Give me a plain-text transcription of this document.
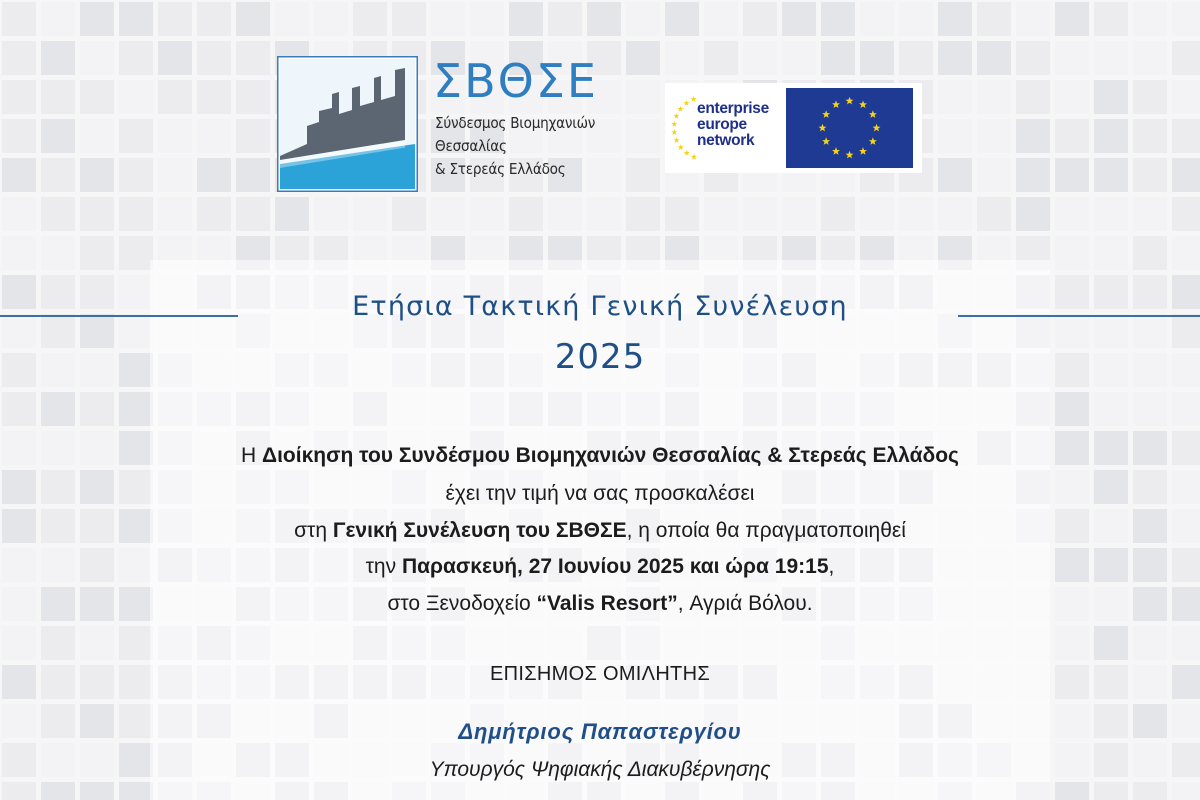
ΣΒΘΣΕ
Σύνδεσμος Βιομηχανιών
Θεσσαλίας
& Στερεάς Ελλάδος
enterprise
europe
network
Ετήσια Τακτική Γενική Συνέλευση
2025
Η Διοίκηση του Συνδέσμου Βιομηχανιών Θεσσαλίας & Στερεάς Ελλάδος
έχει την τιμή να σας προσκαλέσει
στη Γενική Συνέλευση του ΣΒΘΣΕ, η οποία θα πραγματοποιηθεί
την Παρασκευή, 27 Ιουνίου 2025 και ώρα 19:15,
στο Ξενοδοχείο “Valis Resort”, Αγριά Βόλου.
ΕΠΙΣΗΜΟΣ ΟΜΙΛΗΤΗΣ
Δημήτριος Παπαστεργίου
Υπουργός Ψηφιακής Διακυβέρνησης
